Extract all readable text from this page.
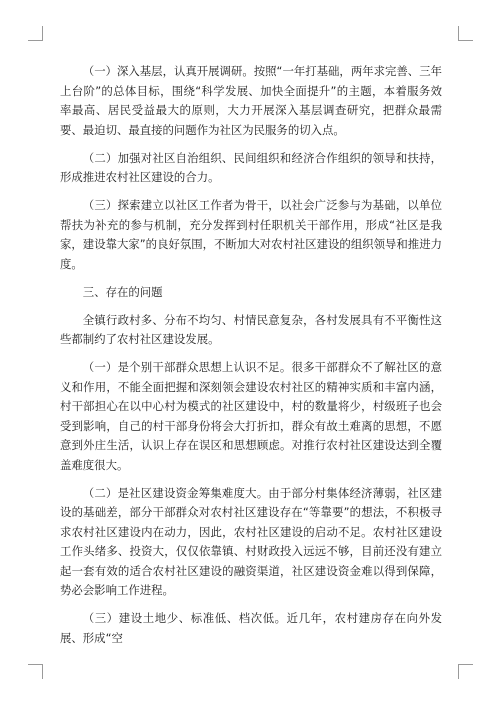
（一）深入基层，认真开展调研。按照“一年打基础，两年求完善、三年上台阶”的总体目标，围绕“科学发展、加快全面提升”的主题，本着服务效率最高、居民受益最大的原则，大力开展深入基层调查研究，把群众最需要、最迫切、最直接的问题作为社区为民服务的切入点。

（二）加强对社区自治组织、民间组织和经济合作组织的领导和扶持，形成推进农村社区建设的合力。

（三）探索建立以社区工作者为骨干，以社会广泛参与为基础，以单位帮扶为补充的参与机制，充分发挥到村任职机关干部作用，形成“社区是我家，建设靠大家”的良好氛围，不断加大对农村社区建设的组织领导和推进力度。

三、存在的问题

全镇行政村多、分布不均匀、村情民意复杂，各村发展具有不平衡性这些都制约了农村社区建设发展。

（一）是个别干部群众思想上认识不足。很多干部群众不了解社区的意义和作用，不能全面把握和深刻领会建设农村社区的精神实质和丰富内涵，村干部担心在以中心村为模式的社区建设中，村的数量将少，村级班子也会受到影响，自己的村干部身份将会大打折扣，群众有故土难离的思想，不愿意到外庄生活，认识上存在误区和思想顾虑。对推行农村社区建设达到全覆盖难度很大。

（二）是社区建设资金筹集难度大。由于部分村集体经济薄弱，社区建设的基础差，部分干部群众对农村社区建设存在“等靠要”的想法，不积极寻求农村社区建设内在动力，因此，农村社区建设的启动不足。农村社区建设工作头绪多、投资大，仅仅依靠镇、村财政投入远远不够，目前还没有建立起一套有效的适合农村社区建设的融资渠道，社区建设资金难以得到保障，势必会影响工作进程。

（三）建设土地少、标准低、档次低。近几年，农村建房存在向外发展、形成“空
